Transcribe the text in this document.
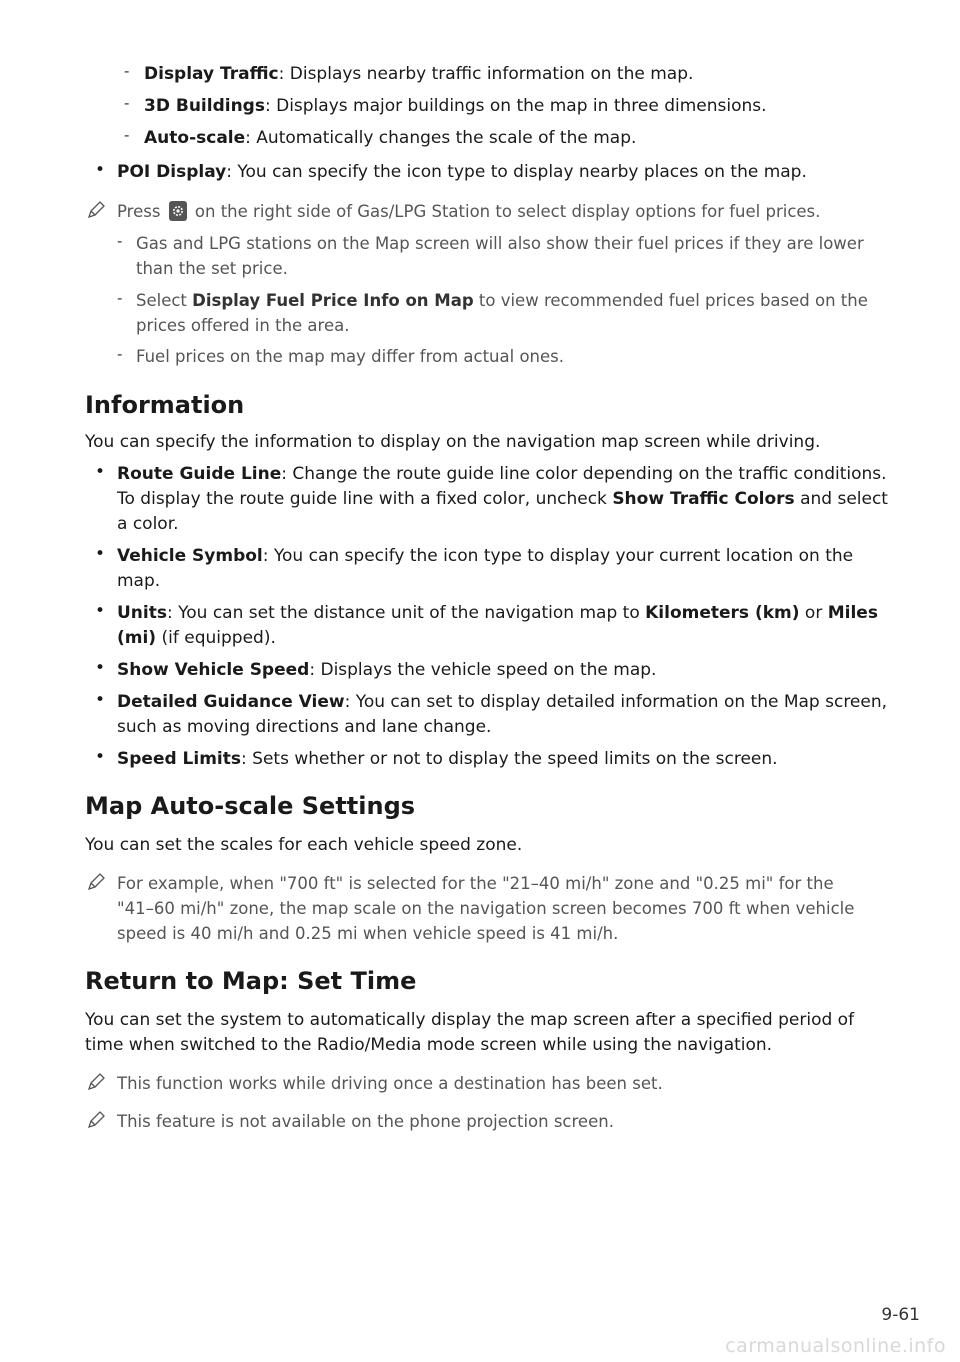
- Display Traffic: Displays nearby traffic information on the map.
- 3D Buildings: Displays major buildings on the map in three dimensions.
- Auto-scale: Automatically changes the scale of the map.
• POI Display: You can specify the icon type to display nearby places on the map.
Press
on the right side of Gas/LPG Station to select display options for fuel prices.
- Gas and LPG stations on the Map screen will also show their fuel prices if they are lower
than the set price.
- Select Display Fuel Price Info on Map to view recommended fuel prices based on the
prices offered in the area.
- Fuel prices on the map may differ from actual ones.
Information

You can specify the information to display on the navigation map screen while driving.

• Route Guide Line: Change the route guide line color depending on the traffic conditions.
To display the route guide line with a fixed color, uncheck Show Traffic Colors and select
a color.
• Vehicle Symbol: You can specify the icon type to display your current location on the
map.
• Units: You can set the distance unit of the navigation map to Kilometers (km) or Miles
(mi) (if equipped).
• Show Vehicle Speed: Displays the vehicle speed on the map.
• Detailed Guidance View: You can set to display detailed information on the Map screen,
such as moving directions and lane change.
• Speed Limits: Sets whether or not to display the speed limits on the screen.
Map Auto-scale Settings

You can set the scales for each vehicle speed zone.

For example, when "700 ft" is selected for the "21–40 mi/h" zone and "0.25 mi" for the
"41–60 mi/h" zone, the map scale on the navigation screen becomes 700 ft when vehicle
speed is 40 mi/h and 0.25 mi when vehicle speed is 41 mi/h.
Return to Map: Set Time

You can set the system to automatically display the map screen after a specified period of

time when switched to the Radio/Media mode screen while using the navigation.

This function works while driving once a destination has been set.
This feature is not available on the phone projection screen.
9-61
carmanualsonline.info
